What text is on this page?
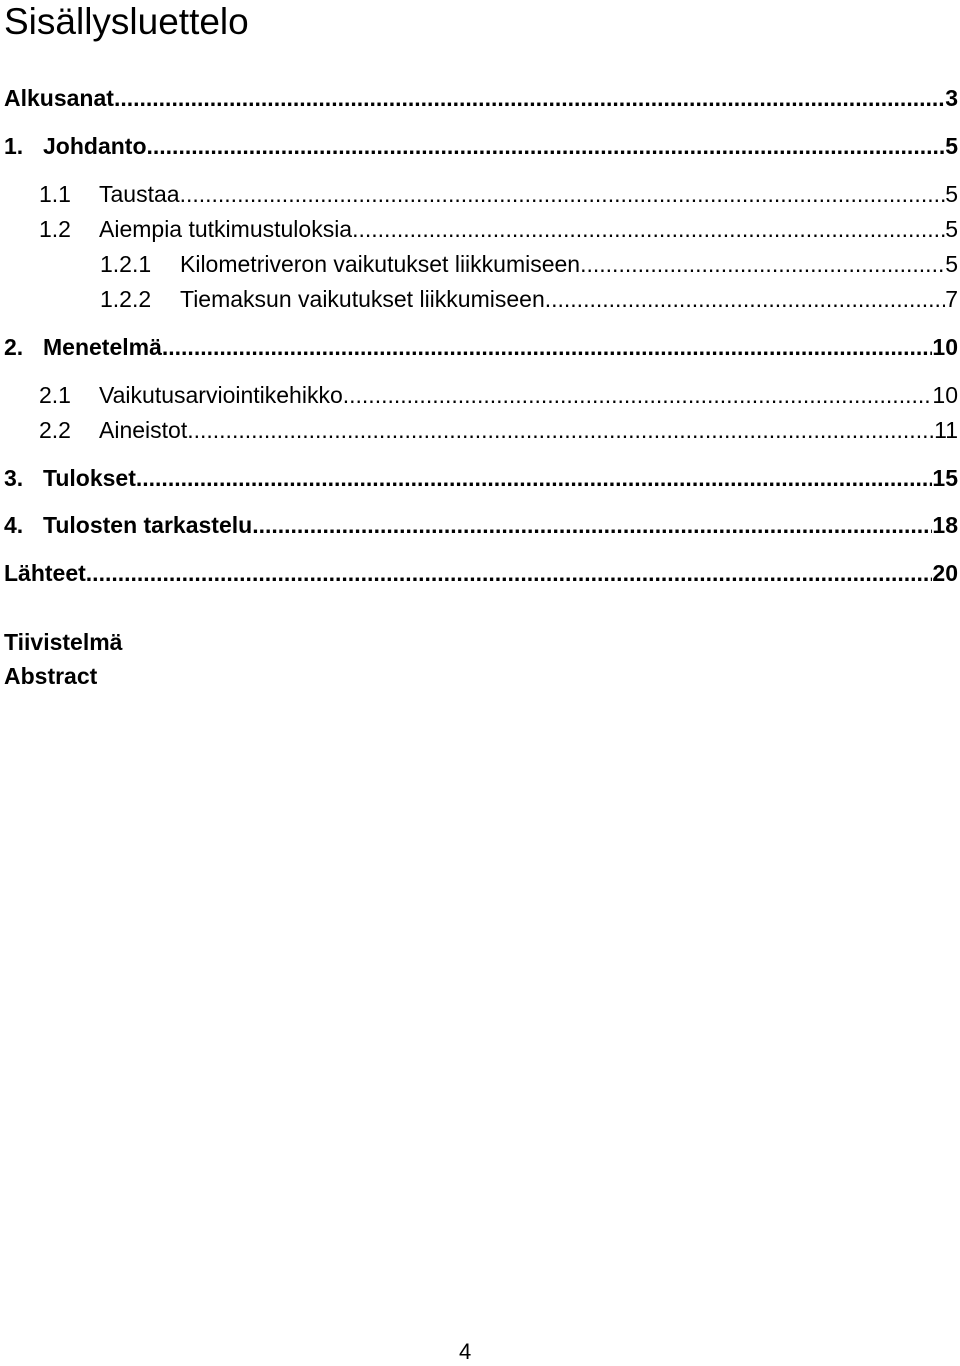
Sisällysluettelo
Alkusanat .....	3
1. Johdanto .....	5
1.1	Taustaa .....	5
1.2	Aiempia tutkimustuloksia .....	5
1.2.1	Kilometriveron vaikutukset liikkumiseen .....	5
1.2.2	Tiemaksun vaikutukset liikkumiseen .....	7
2. Menetelmä .....	10
2.1	Vaikutusarviointikehikko .....	10
2.2	Aineistot .....	11
3. Tulokset .....	15
4. Tulosten tarkastelu .....	18
Lähteet .....	20
Tiivistelmä
Abstract
4
